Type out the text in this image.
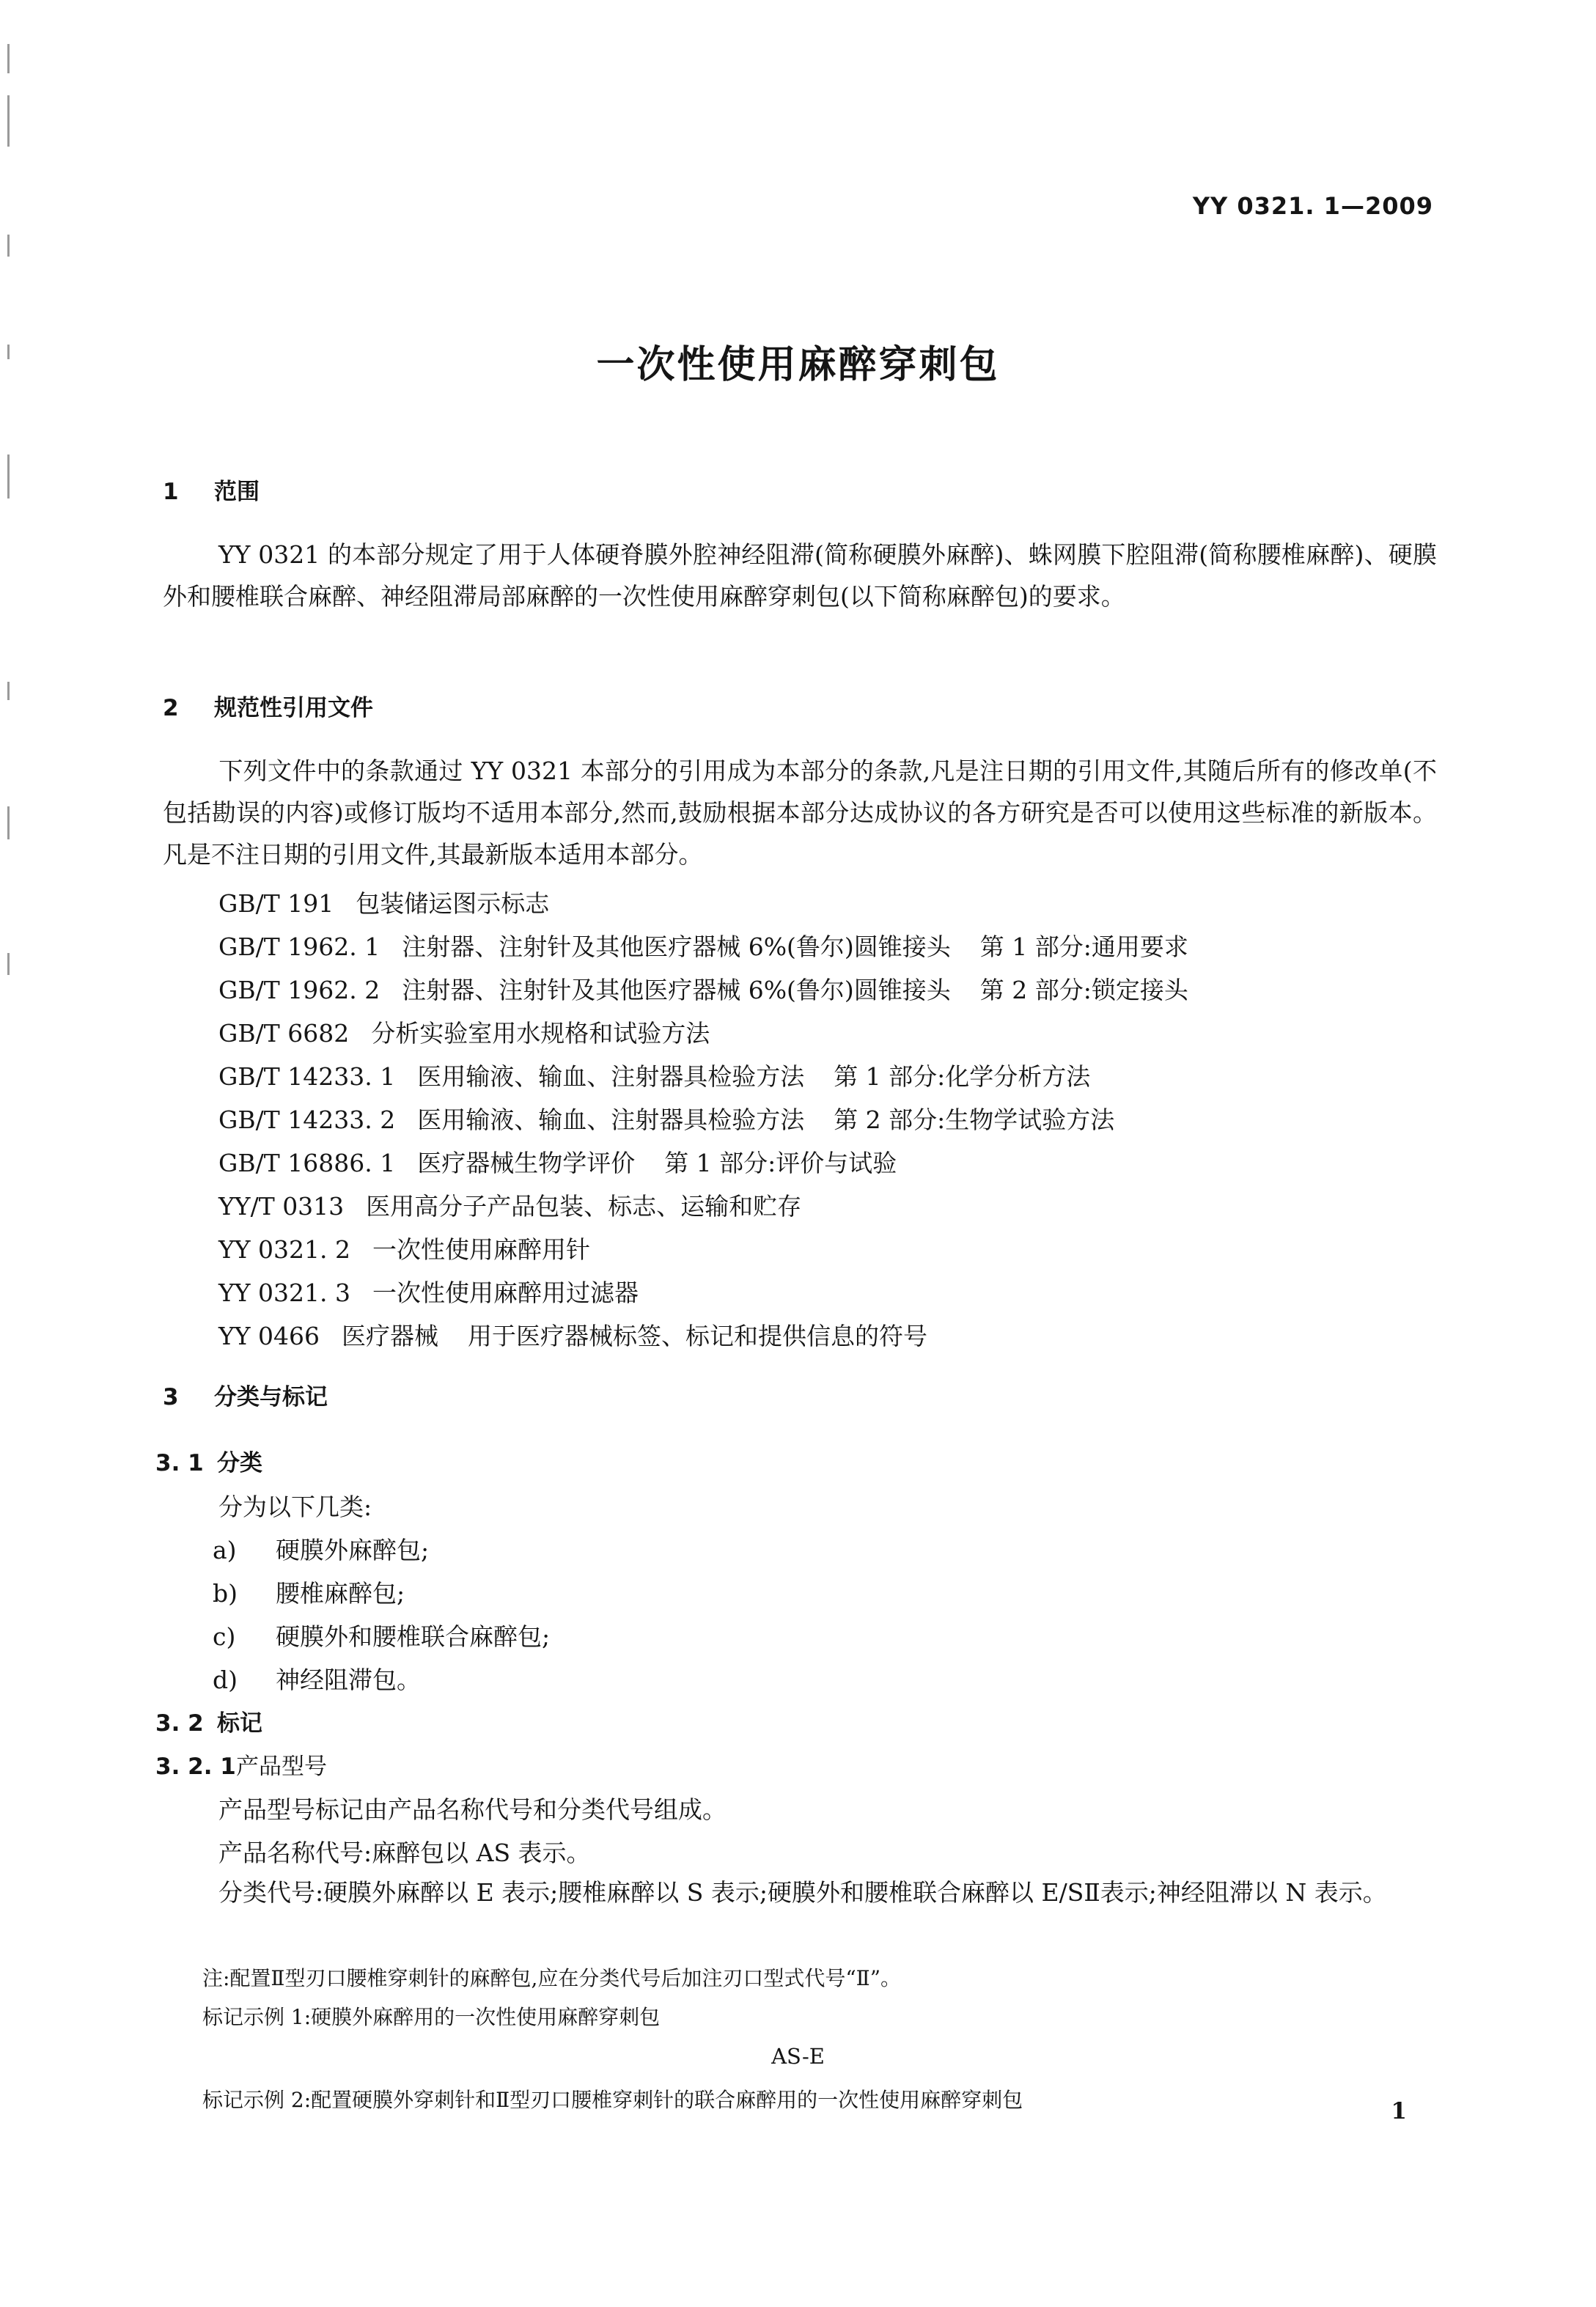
YY 0321. 1—2009
一次性使用麻醉穿刺包
1 范围
YY 0321 的本部分规定了用于人体硬脊膜外腔神经阻滞(简称硬膜外麻醉)、蛛网膜下腔阻滞(简称腰椎麻醉)、硬膜外和腰椎联合麻醉、神经阻滞局部麻醉的一次性使用麻醉穿刺包(以下简称麻醉包)的要求。
2 规范性引用文件
下列文件中的条款通过 YY 0321 本部分的引用成为本部分的条款,凡是注日期的引用文件,其随后所有的修改单(不包括勘误的内容)或修订版均不适用本部分,然而,鼓励根据本部分达成协议的各方研究是否可以使用这些标准的新版本。凡是不注日期的引用文件,其最新版本适用本部分。
GB/T 191 包装储运图示标志
GB/T 1962. 1 注射器、注射针及其他医疗器械 6%(鲁尔)圆锥接头 第 1 部分:通用要求
GB/T 1962. 2 注射器、注射针及其他医疗器械 6%(鲁尔)圆锥接头 第 2 部分:锁定接头
GB/T 6682 分析实验室用水规格和试验方法
GB/T 14233. 1 医用输液、输血、注射器具检验方法 第 1 部分:化学分析方法
GB/T 14233. 2 医用输液、输血、注射器具检验方法 第 2 部分:生物学试验方法
GB/T 16886. 1 医疗器械生物学评价 第 1 部分:评价与试验
YY/T 0313 医用高分子产品包装、标志、运输和贮存
YY 0321. 2 一次性使用麻醉用针
YY 0321. 3 一次性使用麻醉用过滤器
YY 0466 医疗器械 用于医疗器械标签、标记和提供信息的符号
3 分类与标记
3. 1 分类
分为以下几类:
a) 硬膜外麻醉包;
b) 腰椎麻醉包;
c) 硬膜外和腰椎联合麻醉包;
d) 神经阻滞包。
3. 2 标记
3. 2. 1产品型号
产品型号标记由产品名称代号和分类代号组成。
产品名称代号:麻醉包以 AS 表示。
分类代号:硬膜外麻醉以 E 表示;腰椎麻醉以 S 表示;硬膜外和腰椎联合麻醉以 E/SⅡ表示;神经阻滞以 N 表示。
注:配置Ⅱ型刃口腰椎穿刺针的麻醉包,应在分类代号后加注刃口型式代号“Ⅱ”。
标记示例 1:硬膜外麻醉用的一次性使用麻醉穿刺包
AS-E
标记示例 2:配置硬膜外穿刺针和Ⅱ型刃口腰椎穿刺针的联合麻醉用的一次性使用麻醉穿刺包	1
